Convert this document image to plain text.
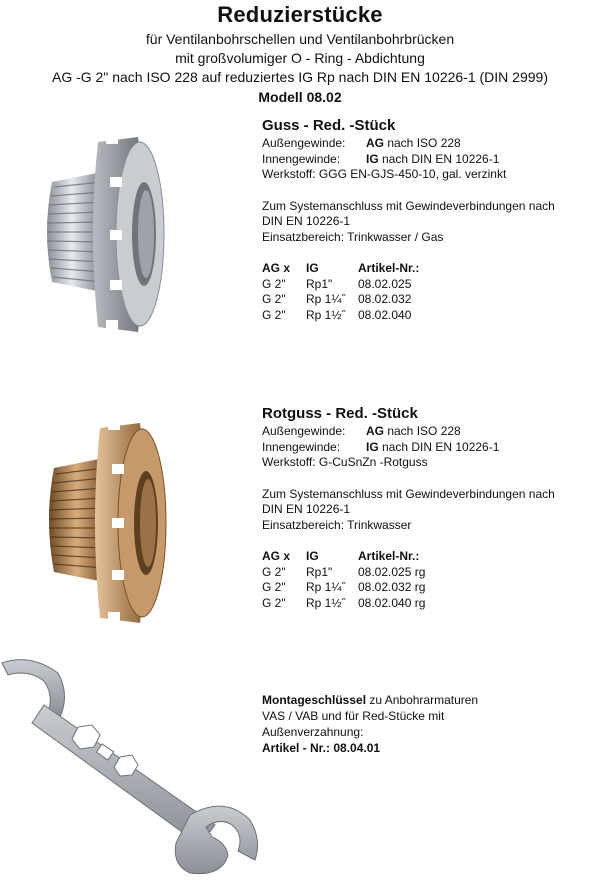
Reduzierstücke
für Ventilanbohrschellen und Ventilanbohrbrücken
mit großvolumiger O - Ring - Abdichtung
AG -G 2" nach ISO 228 auf reduziertes IG Rp nach DIN EN 10226-1 (DIN 2999)
Modell 08.02
Guss - Red. -Stück
Außengewinde: AG nach ISO 228
Innengewinde: IG nach DIN EN 10226-1
Werkstoff: GGG EN-GJS-450-10, gal. verzinkt
Zum Systemanschluss mit Gewindeverbindungen nach
DIN EN 10226-1
Einsatzbereich: Trinkwasser / Gas
AG x	IG	Artikel-Nr.:
G 2"	Rp1"	08.02.025
G 2"	Rp 1¼˝	08.02.032
G 2"	Rp 1½˝	08.02.040
Rotguss - Red. -Stück
Außengewinde: AG nach ISO 228
Innengewinde: IG nach DIN EN 10226-1
Werkstoff: G-CuSnZn -Rotguss
Zum Systemanschluss mit Gewindeverbindungen nach
DIN EN 10226-1
Einsatzbereich: Trinkwasser
AG x	IG	Artikel-Nr.:
G 2"	Rp1"	08.02.025 rg
G 2"	Rp 1¼˝	08.02.032 rg
G 2"	Rp 1½˝	08.02.040 rg
Montageschlüssel zu Anbohrarmaturen
VAS / VAB und für Red-Stücke mit
Außenverzahnung:
Artikel - Nr.: 08.04.01
